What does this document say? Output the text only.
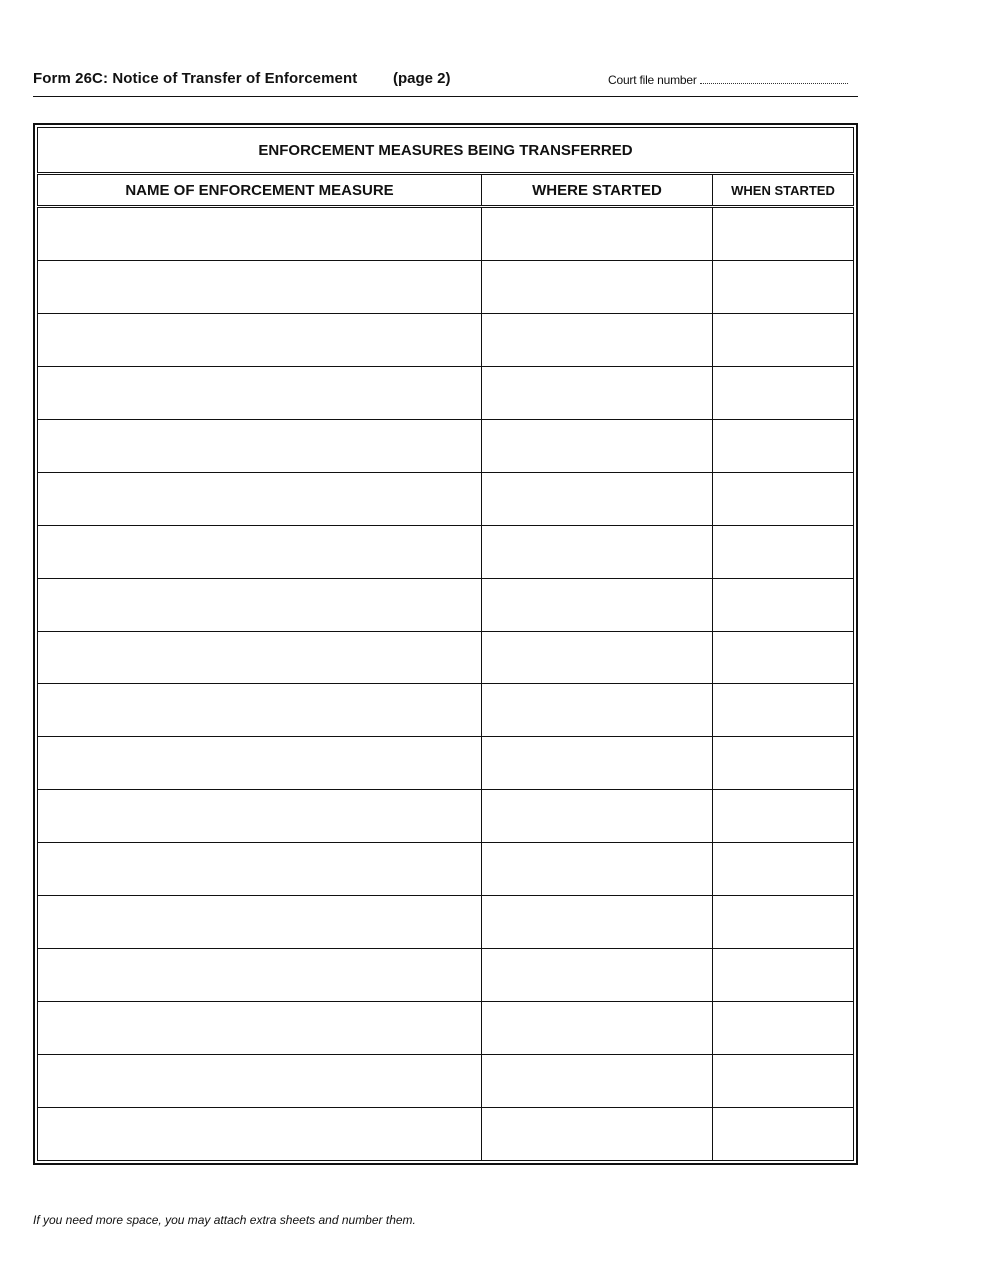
Form 26C: Notice of Transfer of Enforcement (page 2)	Court file number
ENFORCEMENT MEASURES BEING TRANSFERRED		
NAME OF ENFORCEMENT MEASURE	WHERE STARTED	WHEN STARTED

If you need more space, you may attach extra sheets and number them.
